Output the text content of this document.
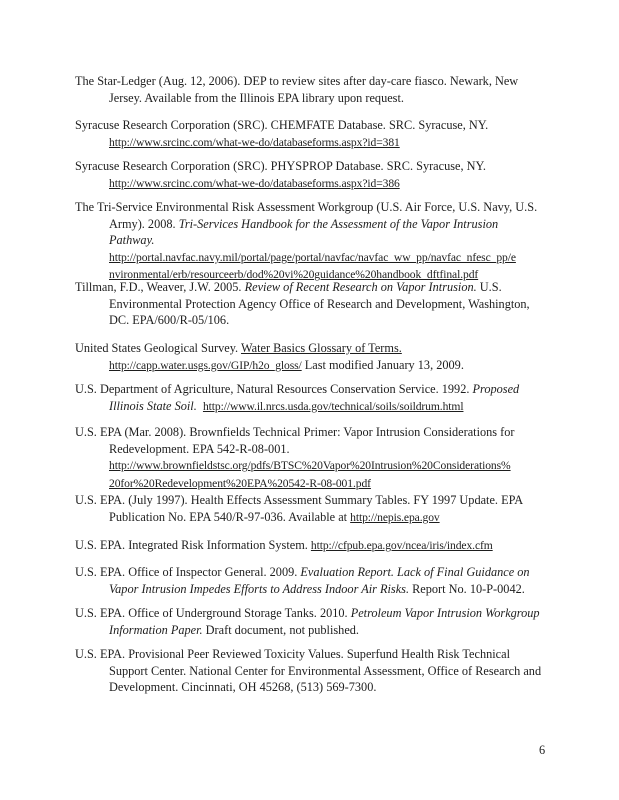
The Star-Ledger (Aug. 12, 2006). DEP to review sites after day-care fiasco. Newark, New
Jersey. Available from the Illinois EPA library upon request.
Syracuse Research Corporation (SRC). CHEMFATE Database. SRC. Syracuse, NY.
http://www.srcinc.com/what-we-do/databaseforms.aspx?id=381
Syracuse Research Corporation (SRC). PHYSPROP Database. SRC. Syracuse, NY.
http://www.srcinc.com/what-we-do/databaseforms.aspx?id=386
The Tri-Service Environmental Risk Assessment Workgroup (U.S. Air Force, U.S. Navy, U.S.
Army). 2008. Tri-Services Handbook for the Assessment of the Vapor Intrusion
Pathway.
http://portal.navfac.navy.mil/portal/page/portal/navfac/navfac_ww_pp/navfac_nfesc_pp/e
nvironmental/erb/resourceerb/dod%20vi%20guidance%20handbook_dftfinal.pdf
Tillman, F.D., Weaver, J.W. 2005. Review of Recent Research on Vapor Intrusion. U.S.
Environmental Protection Agency Office of Research and Development, Washington,
DC. EPA/600/R-05/106.
United States Geological Survey. Water Basics Glossary of Terms.
http://capp.water.usgs.gov/GIP/h2o_gloss/ Last modified January 13, 2009.
U.S. Department of Agriculture, Natural Resources Conservation Service. 1992. Proposed
Illinois State Soil. http://www.il.nrcs.usda.gov/technical/soils/soildrum.html
U.S. EPA (Mar. 2008). Brownfields Technical Primer: Vapor Intrusion Considerations for
Redevelopment. EPA 542-R-08-001.
http://www.brownfieldstsc.org/pdfs/BTSC%20Vapor%20Intrusion%20Considerations%
20for%20Redevelopment%20EPA%20542-R-08-001.pdf
U.S. EPA. (July 1997). Health Effects Assessment Summary Tables. FY 1997 Update. EPA
Publication No. EPA 540/R-97-036. Available at http://nepis.epa.gov
U.S. EPA. Integrated Risk Information System. http://cfpub.epa.gov/ncea/iris/index.cfm
U.S. EPA. Office of Inspector General. 2009. Evaluation Report. Lack of Final Guidance on
Vapor Intrusion Impedes Efforts to Address Indoor Air Risks. Report No. 10-P-0042.
U.S. EPA. Office of Underground Storage Tanks. 2010. Petroleum Vapor Intrusion Workgroup
Information Paper. Draft document, not published.
U.S. EPA. Provisional Peer Reviewed Toxicity Values. Superfund Health Risk Technical
Support Center. National Center for Environmental Assessment, Office of Research and
Development. Cincinnati, OH 45268, (513) 569-7300.
6
